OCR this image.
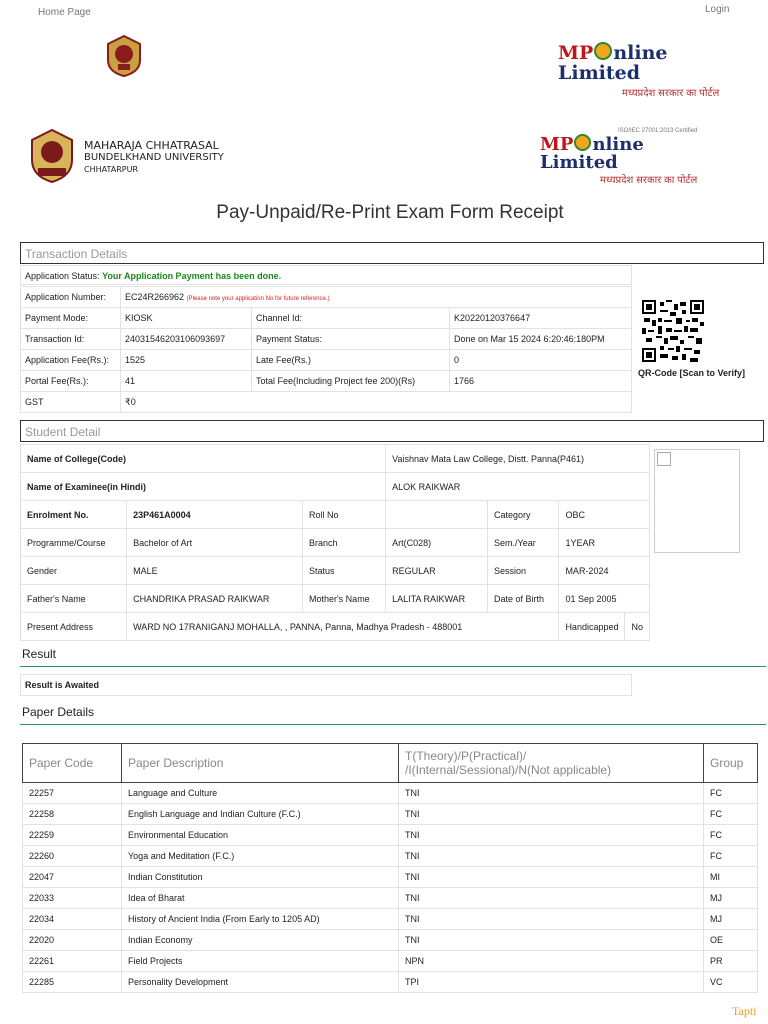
Home Page	Login
MP nline Limited
मध्यप्रदेश सरकार का पोर्टल
MAHARAJA CHHATRASAL
BUNDELKHAND UNIVERSITY
CHHATARPUR
ISO/IEC 27001:2013 Certified
MP nline Limited
मध्यप्रदेश सरकार का पोर्टल
Pay-Unpaid/Re-Print Exam Form Receipt
Transaction Details
Application Status: Your Application Payment has been done.
Application Number:	EC24R266962 (Please note your application No for future reference.)		
Payment Mode:	KIOSK	Channel Id:	K20220120376647
Transaction Id:	240315462031060​93697	Payment Status:	Done on Mar 15 2024 6:20:46:180PM
Application Fee(Rs.):	1525	Late Fee(Rs.)	0
Portal Fee(Rs.):	41	Total Fee(Including Project fee 200)(Rs)	1766
GST	₹0		
QR-Code [Scan to Verify]
Student Detail
Name of College(Code)			Vaishnav Mata Law College, Distt. Panna(P461)			
Name of Examinee(in Hindi)			ALOK RAIKWAR			
Enrolment No.	23P461A0004	Roll No		Category	OBC	
Programme/Course	Bachelor of Art	Branch	Art(C028)	Sem./Year	1YEAR	
Gender	MALE	Status	REGULAR	Session	MAR-2024	
Father's Name	CHANDRIKA PRASAD RAIKWAR	Mother's Name	LALITA RAIKWAR	Date of Birth	01 Sep 2005	
Present Address	WARD NO 17RANIGANJ MOHALLA, , PANNA, Panna, Madhya Pradesh - 488001				Handicapped	No
Result
Result is Awaited
Paper Details
Paper Code	Paper Description	T(Theory)/P(Practical)/
/I(Internal/Sessional)/N(Not applicable)	Group
22257	Language and Culture	TNI	FC
22258	English Language and Indian Culture (F.C.)	TNI	FC
22259	Environmental Education	TNI	FC
22260	Yoga and Meditation (F.C.)	TNI	FC
22047	Indian Constitution	TNI	MI
22033	Idea of Bharat	TNI	MJ
22034	History of Ancient India (From Early to 1205 AD)	TNI	MJ
22020	Indian Economy	TNI	OE
22261	Field Projects	NPN	PR
22285	Personality Development	TPI	VC
Tapti
